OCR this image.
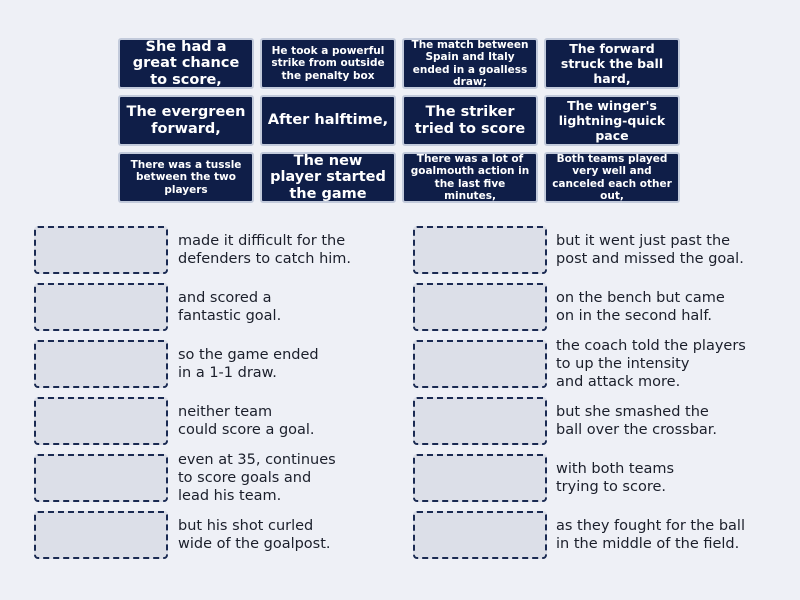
She had a great chance to score,
He took a powerful strike from outside the penalty box
The match between Spain and Italy ended in a goalless draw;
The forward struck the ball hard,
The evergreen forward,
After halftime,
The striker tried to score
The winger's lightning-quick pace
There was a tussle between the two players
The new player started the game
There was a lot of goalmouth action in the last five minutes,
Both teams played very well and canceled each other out,
made it difficult for the
defenders to catch him.
and scored a
fantastic goal.
so the game ended
in a 1-1 draw.
neither team
could score a goal.
even at 35, continues
to score goals and
lead his team.
but his shot curled
wide of the goalpost.
but it went just past the
post and missed the goal.
on the bench but came
on in the second half.
the coach told the players
to up the intensity
and attack more.
but she smashed the
ball over the crossbar.
with both teams
trying to score.
as they fought for the ball
in the middle of the field.
